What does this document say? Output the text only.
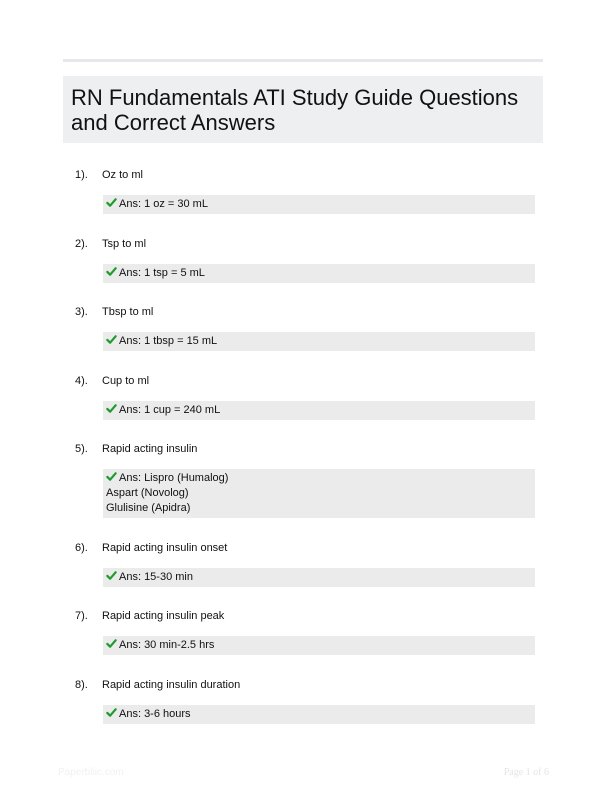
RN Fundamentals ATI Study Guide Questions and Correct Answers
1). Oz to ml
Ans: 1 oz = 30 mL
2). Tsp to ml
Ans: 1 tsp = 5 mL
3). Tbsp to ml
Ans: 1 tbsp = 15 mL
4). Cup to ml
Ans: 1 cup = 240 mL
5). Rapid acting insulin
Ans: Lispro (Humalog)
Aspart (Novolog)
Glulisine (Apidra)
6). Rapid acting insulin onset
Ans: 15-30 min
7). Rapid acting insulin peak
Ans: 30 min-2.5 hrs
8). Rapid acting insulin duration
Ans: 3-6 hours
Paperbliic.com	Page 1 of 6
